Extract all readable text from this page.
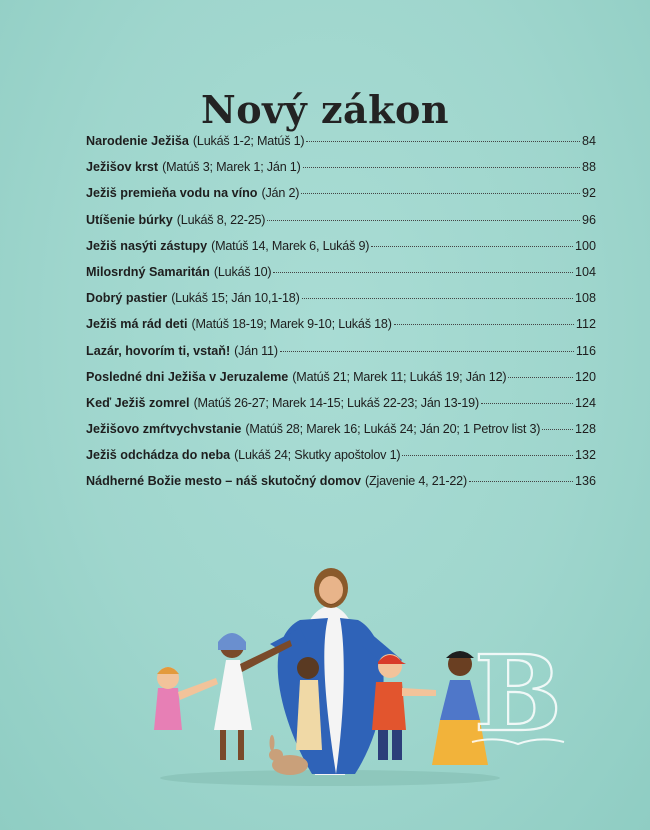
Nový zákon
Narodenie Ježiša (Lukáš 1-2; Matúš 1)	84
Ježišov krst (Matúš 3; Marek 1; Ján 1)	88
Ježiš premieňa vodu na víno (Ján 2)	92
Utíšenie búrky (Lukáš 8, 22-25)	96
Ježiš nasýti zástupy (Matúš 14, Marek 6, Lukáš 9)	100
Milosrdný Samaritán (Lukáš 10)	104
Dobrý pastier (Lukáš 15; Ján 10,1-18)	108
Ježiš má rád deti (Matúš 18-19; Marek 9-10; Lukáš 18)	112
Lazár, hovorím ti, vstaň! (Ján 11)	116
Posledné dni Ježiša v Jeruzaleme (Matúš 21; Marek 11; Lukáš 19; Ján 12)	120
Keď Ježiš zomrel (Matúš 26-27; Marek 14-15; Lukáš 22-23; Ján 13-19)	124
Ježišovo zmŕtvychvstanie (Matúš 28; Marek 16; Lukáš 24; Ján 20; 1 Petrov list 3)	128
Ježiš odchádza do neba (Lukáš 24; Skutky apoštolov 1)	132
Nádherné Božie mesto – náš skutočný domov (Zjavenie 4, 21-22)	136
B
